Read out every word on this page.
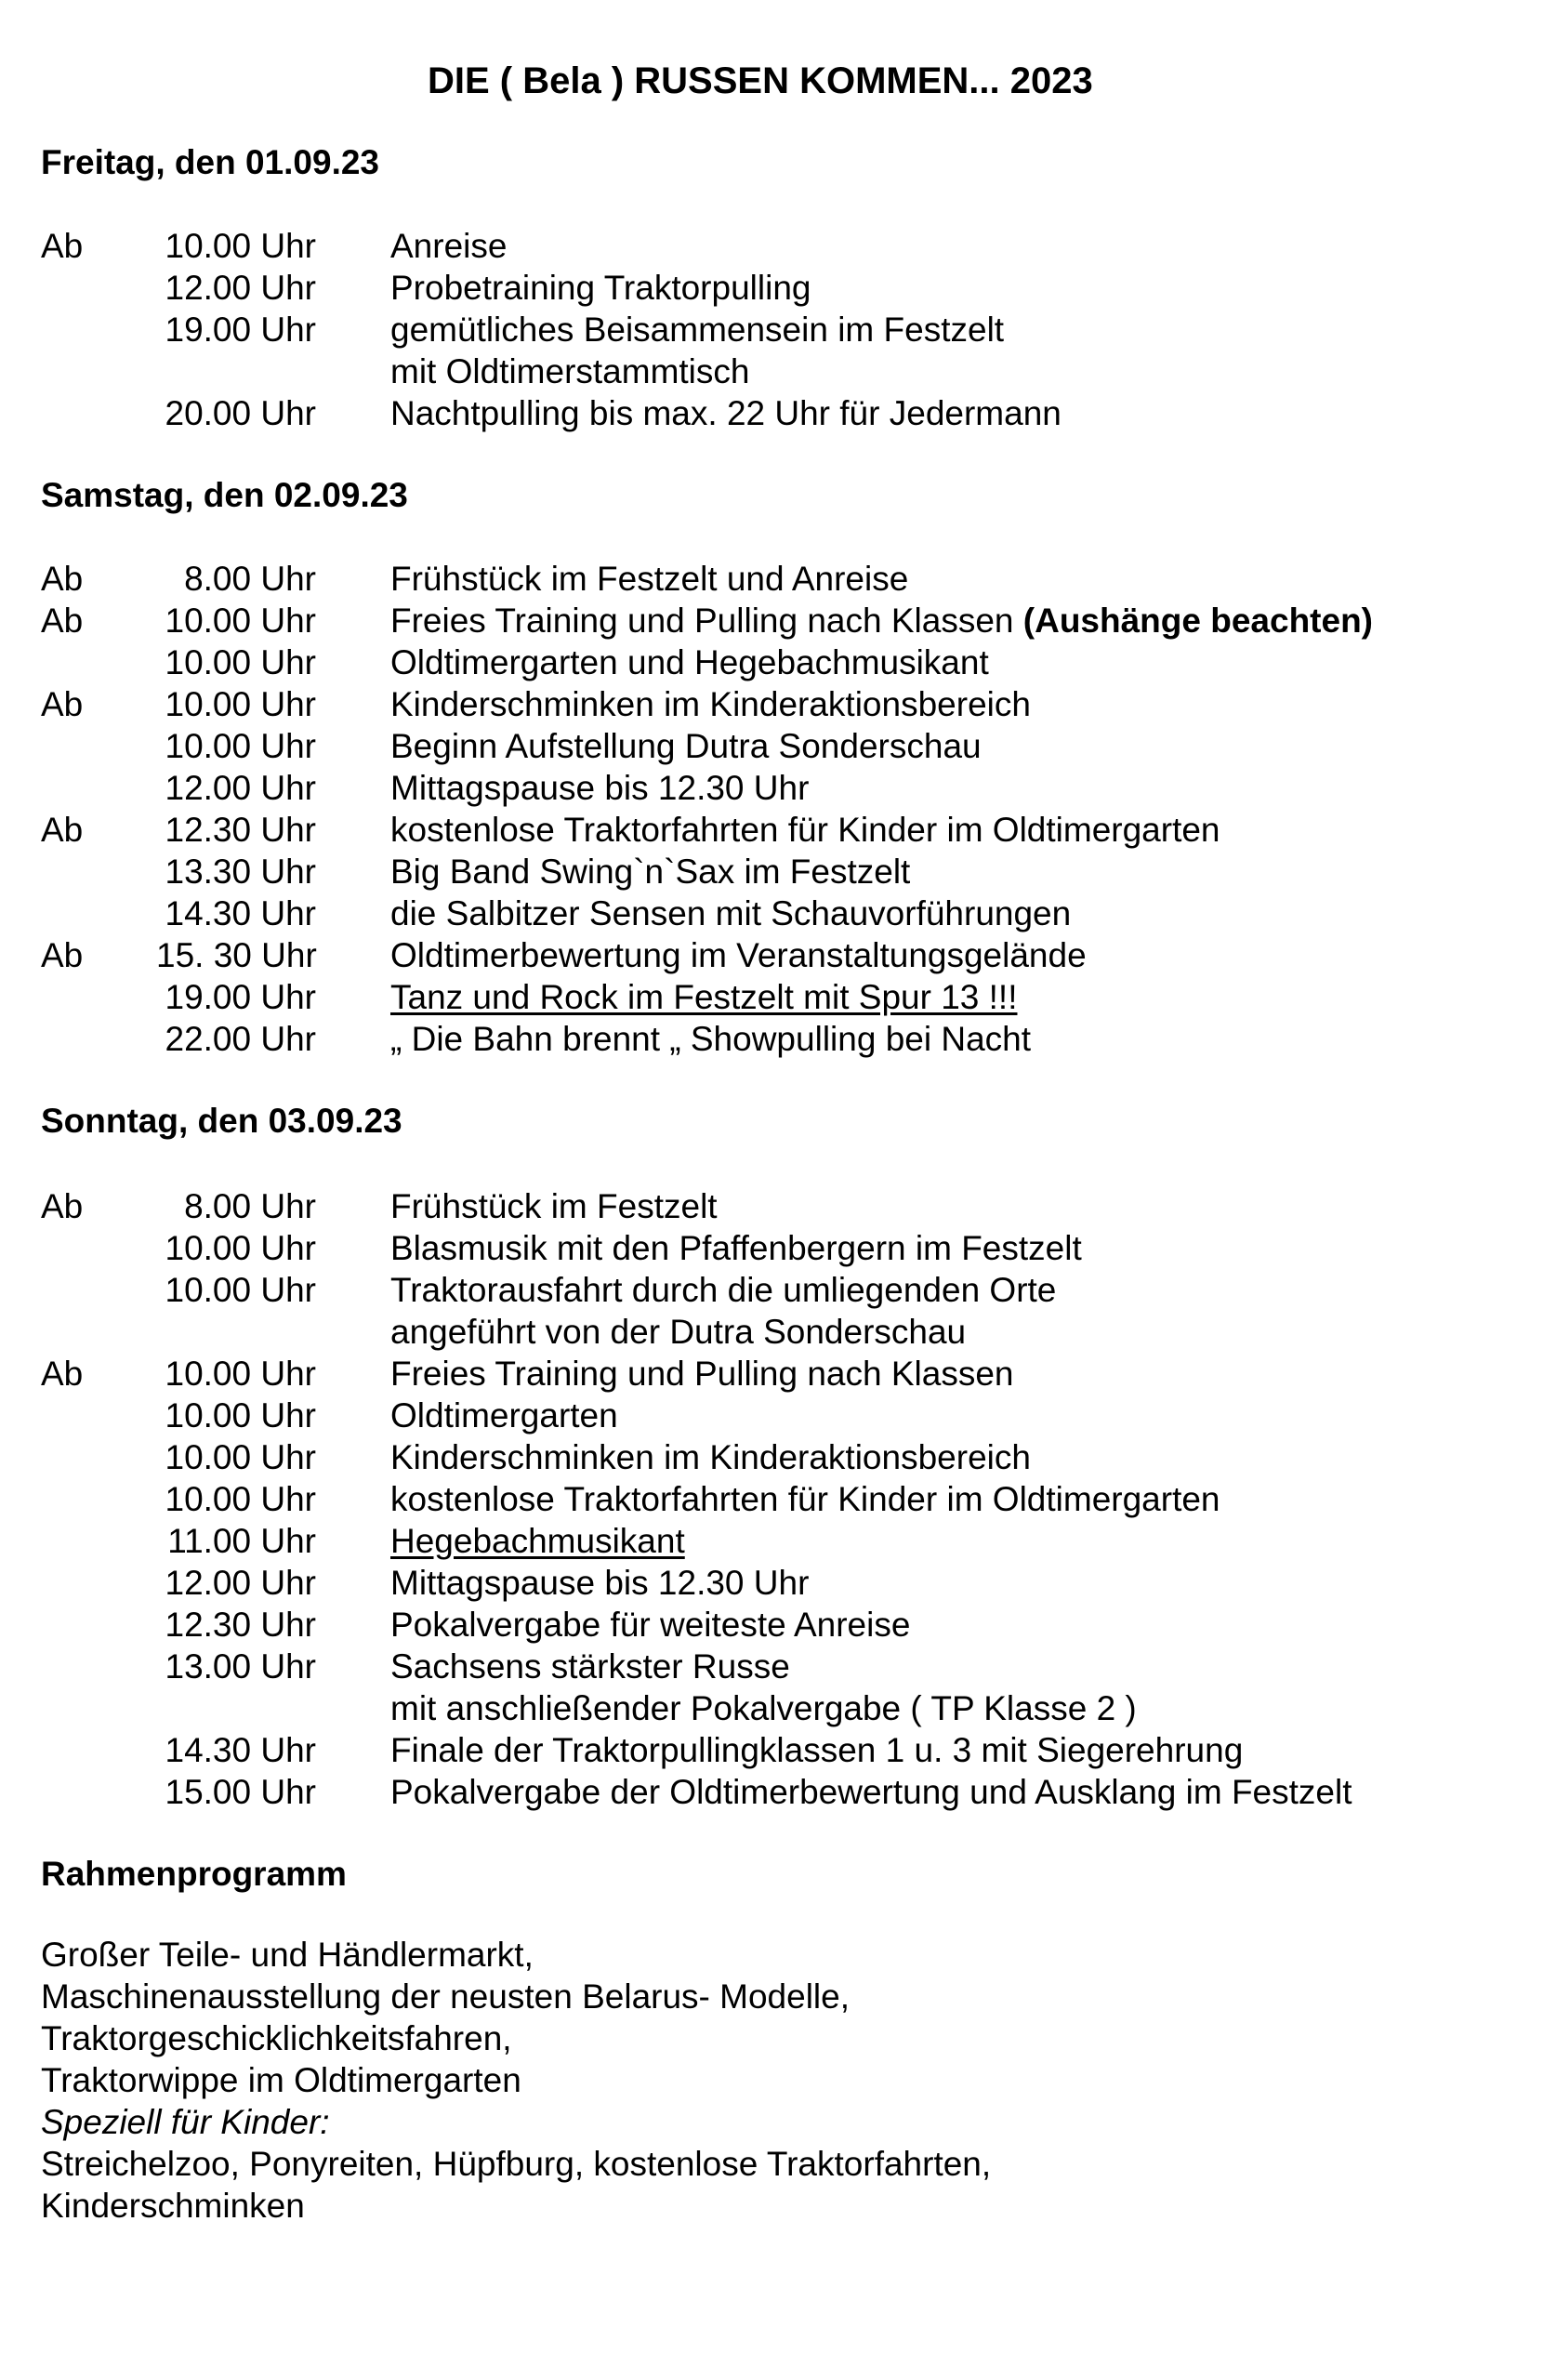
DIE ( Bela ) RUSSEN KOMMEN... 2023
Freitag, den 01.09.23
Ab 10.00 Uhr Anreise
12.00 Uhr Probetraining Traktorpulling
19.00 Uhr gemütliches Beisammensein im Festzelt
mit Oldtimerstammtisch
20.00 Uhr Nachtpulling bis max. 22 Uhr für Jedermann
Samstag, den 02.09.23
Ab	8.00 Uhr Frühstück im Festzelt und Anreise
Ab 10.00 Uhr Freies Training und Pulling nach Klassen (Aushänge beachten)
10.00 Uhr Oldtimergarten und Hegebachmusikant
Ab 10.00 Uhr Kinderschminken im Kinderaktionsbereich
10.00 Uhr Beginn Aufstellung Dutra Sonderschau
12.00 Uhr Mittagspause bis 12.30 Uhr
Ab 12.30 Uhr kostenlose Traktorfahrten für Kinder im Oldtimergarten
13.30 Uhr Big Band Swing`n`Sax im Festzelt
14.30 Uhr die Salbitzer Sensen mit Schauvorführungen
Ab 15. 30 Uhr Oldtimerbewertung im Veranstaltungsgelände
19.00 Uhr Tanz und Rock im Festzelt mit Spur 13 !!!
22.00 Uhr „ Die Bahn brennt „ Showpulling bei Nacht
Sonntag, den 03.09.23
Ab	8.00 Uhr Frühstück im Festzelt
10.00 Uhr Blasmusik mit den Pfaffenbergern im Festzelt
10.00 Uhr Traktorausfahrt durch die umliegenden Orte
angeführt von der Dutra Sonderschau
Ab 10.00 Uhr Freies Training und Pulling nach Klassen
10.00 Uhr Oldtimergarten
10.00 Uhr Kinderschminken im Kinderaktionsbereich
10.00 Uhr kostenlose Traktorfahrten für Kinder im Oldtimergarten
11.00 Uhr Hegebachmusikant
12.00 Uhr Mittagspause bis 12.30 Uhr
12.30 Uhr Pokalvergabe für weiteste Anreise
13.00 Uhr Sachsens stärkster Russe
mit anschließender Pokalvergabe ( TP Klasse 2 )
14.30 Uhr Finale der Traktorpullingklassen 1 u. 3 mit Siegerehrung
15.00 Uhr Pokalvergabe der Oldtimerbewertung und Ausklang im Festzelt
Rahmenprogramm
Großer Teile- und Händlermarkt,
Maschinenausstellung der neusten Belarus- Modelle,
Traktorgeschicklichkeitsfahren,
Traktorwippe im Oldtimergarten
Speziell für Kinder:
Streichelzoo, Ponyreiten, Hüpfburg, kostenlose Traktorfahrten,
Kinderschminken
